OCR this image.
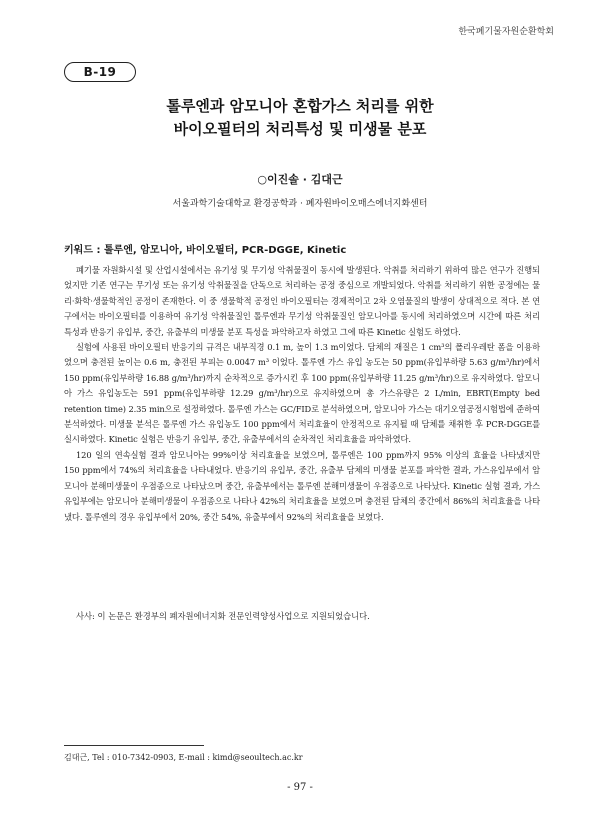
한국폐기물자원순환학회
B-19
톨루엔과 암모니아 혼합가스 처리를 위한
바이오필터의 처리특성 및 미생물 분포
○이진솔 · 김대근
서울과학기술대학교 환경공학과 · 폐자원바이오매스에너지화센터
키워드 : 톨루엔, 암모니아, 바이오필터, PCR-DGGE, Kinetic

폐기물 자원화시설 및 산업시설에서는 유기성 및 무기성 악취물질이 동시에 발생된다. 악취를 처리하기 위하여 많은 연구가 진행되었지만 기존 연구는 무기성 또는 유기성 악취물질을 단독으로 처리하는 공정 중심으로 개발되었다. 악취를 처리하기 위한 공정에는 물리·화학·생물학적인 공정이 존재한다. 이 중 생물학적 공정인 바이오필터는 경제적이고 2차 오염물질의 발생이 상대적으로 적다. 본 연구에서는 바이오필터를 이용하여 유기성 악취물질인 톨루엔과 무기성 악취물질인 암모니아를 동시에 처리하였으며 시간에 따른 처리특성과 반응기 유입부, 중간, 유출부의 미생물 분포 특성을 파악하고자 하였고 그에 따른 Kinetic 실험도 하였다.

실험에 사용된 바이오필터 반응기의 규격은 내부직경 0.1 m, 높이 1.3 m이었다. 담체의 재질은 1 cm³의 폴리우레탄 폼을 이용하였으며 충전된 높이는 0.6 m, 충전된 부피는 0.0047 m³ 이었다. 톨루엔 가스 유입 농도는 50 ppm(유입부하량 5.63 g/m³/hr)에서 150 ppm(유입부하량 16.88 g/m³/hr)까지 순차적으로 증가시킨 후 100 ppm(유입부하량 11.25 g/m³/hr)으로 유지하였다. 암모니아 가스 유입농도는 591 ppm(유입부하량 12.29 g/m³/hr)으로 유지하였으며 총 가스유량은 2 L/min, EBRT(Empty bed retention time) 2.35 min으로 설정하였다. 톨루엔 가스는 GC/FID로 분석하였으며, 암모니아 가스는 대기오염공정시험법에 준하여 분석하였다. 미생물 분석은 톨루엔 가스 유입농도 100 ppm에서 처리효율이 안정적으로 유지될 때 담체를 채취한 후 PCR-DGGE를 실시하였다. Kinetic 실험은 반응기 유입부, 중간, 유출부에서의 순차적인 처리효율을 파악하였다.

120 일의 연속실험 결과 암모니아는 99%이상 처리효율을 보였으며, 톨루엔은 100 ppm까지 95% 이상의 효율을 나타냈지만 150 ppm에서 74%의 처리효율을 나타내었다. 반응기의 유입부, 중간, 유출부 담체의 미생물 분포를 파악한 결과, 가스유입부에서 암모니아 분해미생물이 우점종으로 나타났으며 중간, 유출부에서는 톨루엔 분해미생물이 우점종으로 나타났다. Kinetic 실험 결과, 가스유입부에는 암모니아 분해미생물이 우점종으로 나타나 42%의 처리효율을 보였으며 충전된 담체의 중간에서 86%의 처리효율을 나타냈다. 톨루엔의 경우 유입부에서 20%, 중간 54%, 유출부에서 92%의 처리효율을 보였다.

사사: 이 논문은 환경부의 폐자원에너지화 전문인력양성사업으로 지원되었습니다.
김대근, Tel : 010-7342-0903, E-mail : kimd@seoultech.ac.kr
- 97 -
